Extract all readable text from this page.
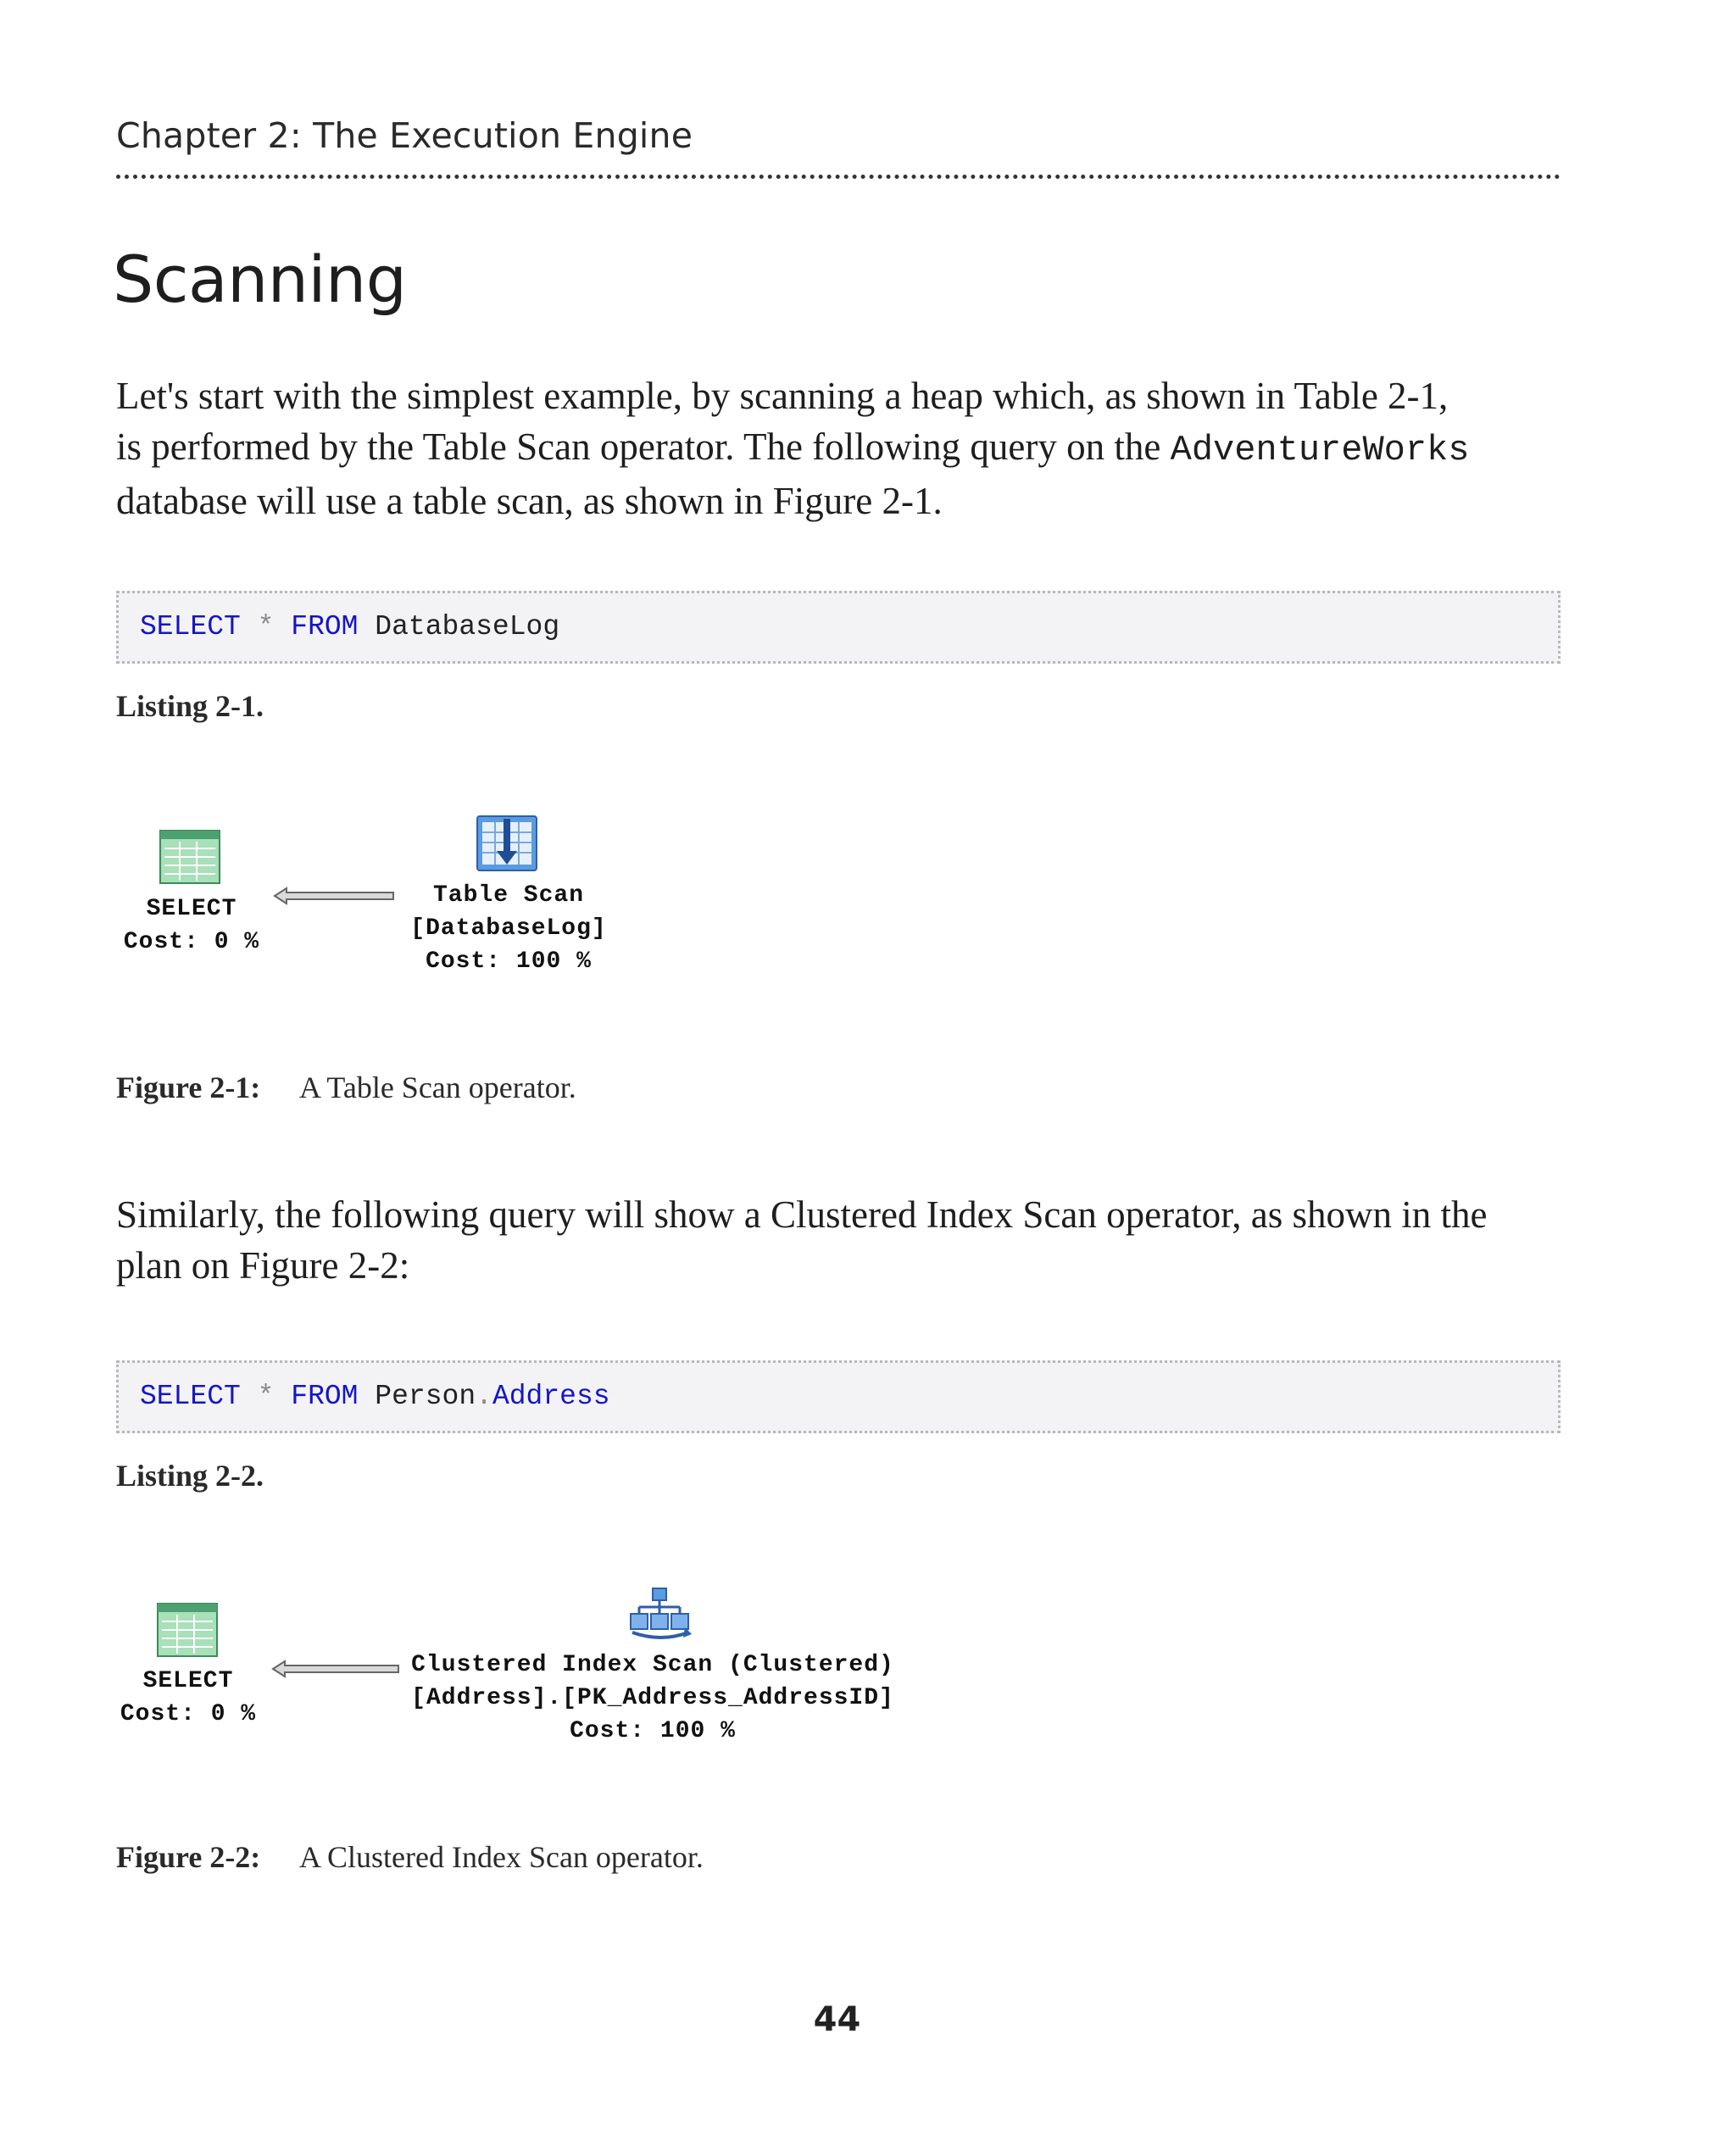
Chapter 2: The Execution Engine
Scanning
Let's start with the simplest example, by scanning a heap which, as shown in Table 2-1,
is performed by the Table Scan operator. The following query on the AdventureWorks
database will use a table scan, as shown in Figure 2-1.
SELECT * FROM DatabaseLog
Listing 2-1.
SELECT
Cost: 0 %
Table Scan
[DatabaseLog]
Cost: 100 %
Figure 2-1: A Table Scan operator.
Similarly, the following query will show a Clustered Index Scan operator, as shown in the
plan on Figure 2-2:
SELECT * FROM Person.Address
Listing 2-2.
SELECT
Cost: 0 %
Clustered Index Scan (Clustered)
[Address].[PK_Address_AddressID]
Cost: 100 %
Figure 2-2: A Clustered Index Scan operator.
44
